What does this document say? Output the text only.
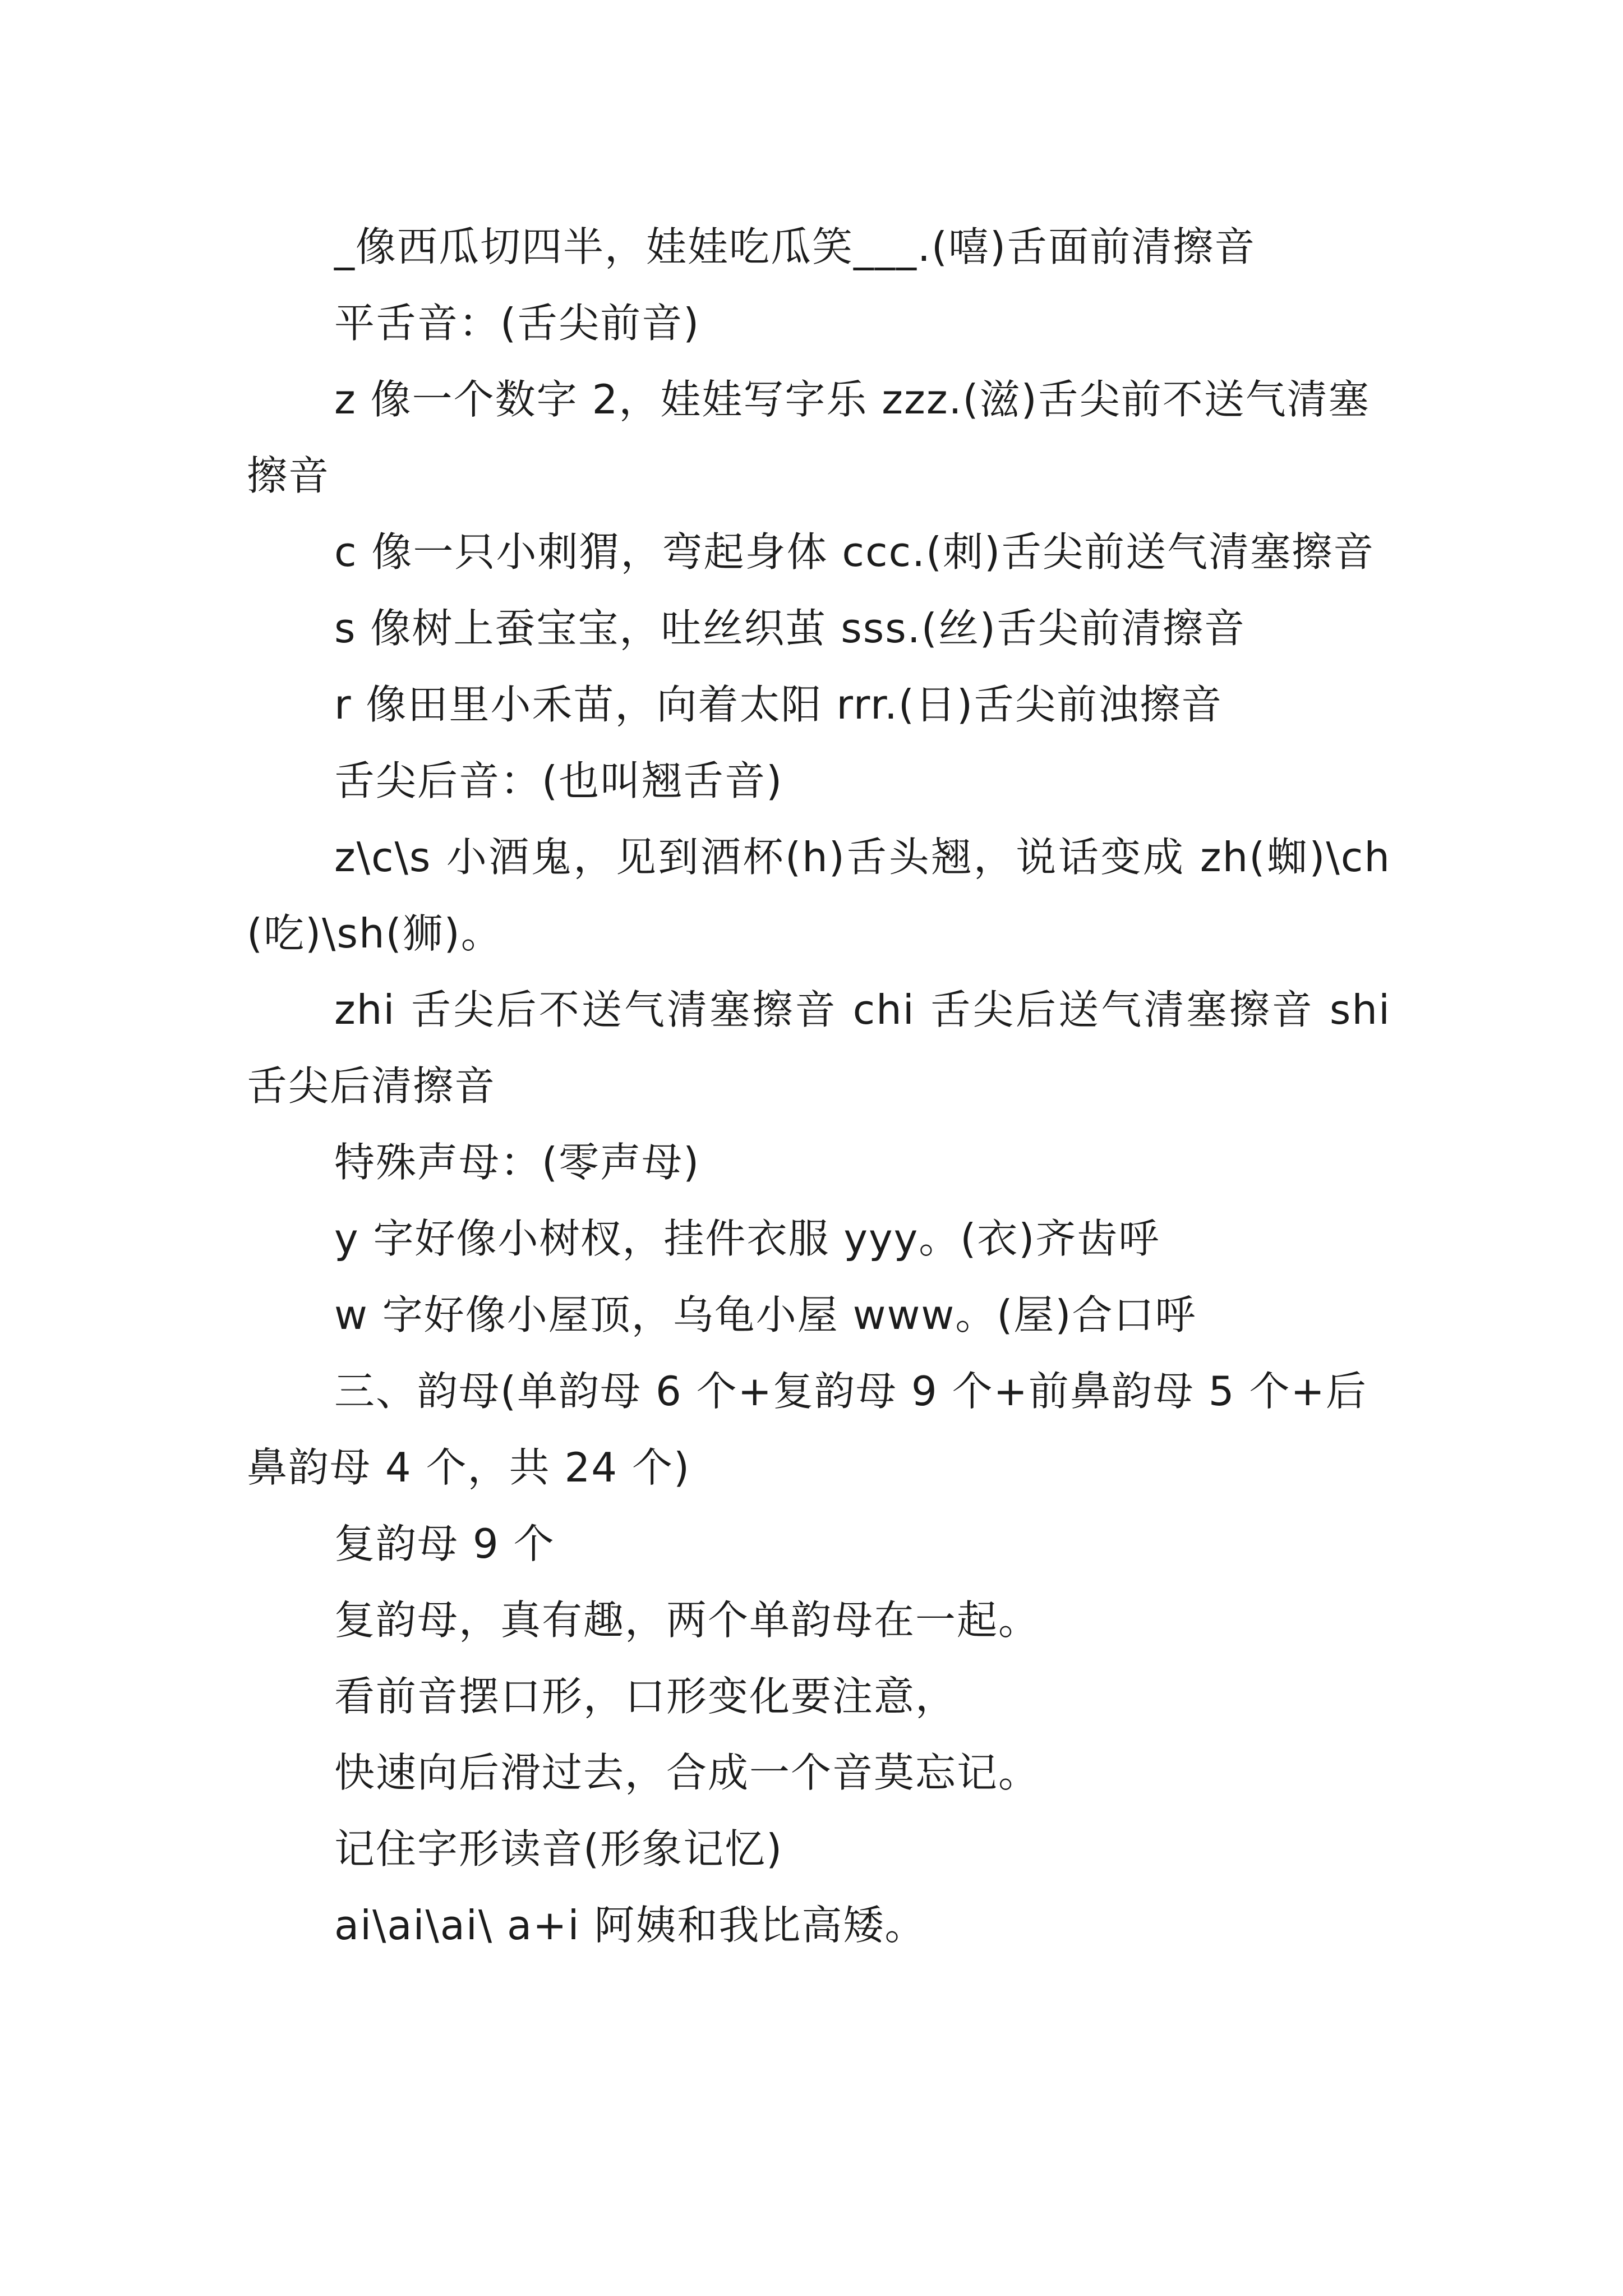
_像西瓜切四半，娃娃吃瓜笑___.(嘻)舌面前清擦音

平舌音：(舌尖前音)

z 像一个数字 2，娃娃写字乐 zzz.(滋)舌尖前不送气清塞擦音

c 像一只小刺猬，弯起身体 ccc.(刺)舌尖前送气清塞擦音

s 像树上蚕宝宝，吐丝织茧 sss.(丝)舌尖前清擦音

r 像田里小禾苗，向着太阳 rrr.(日)舌尖前浊擦音

舌尖后音：(也叫翘舌音)

z\c\s 小酒鬼，见到酒杯(h)舌头翘，说话变成 zh(蜘)\ch(吃)\sh(狮)。

zhi 舌尖后不送气清塞擦音 chi 舌尖后送气清塞擦音 shi 舌尖后清擦音

特殊声母：(零声母)

y 字好像小树杈，挂件衣服 yyy。(衣)齐齿呼

w 字好像小屋顶，乌龟小屋 www。(屋)合口呼

三、韵母(单韵母 6 个+复韵母 9 个+前鼻韵母 5 个+后鼻韵母 4 个，共 24 个)

复韵母 9 个

复韵母，真有趣，两个单韵母在一起。

看前音摆口形，口形变化要注意，

快速向后滑过去，合成一个音莫忘记。

记住字形读音(形象记忆)

ai\ai\ai\ a+i 阿姨和我比高矮。
